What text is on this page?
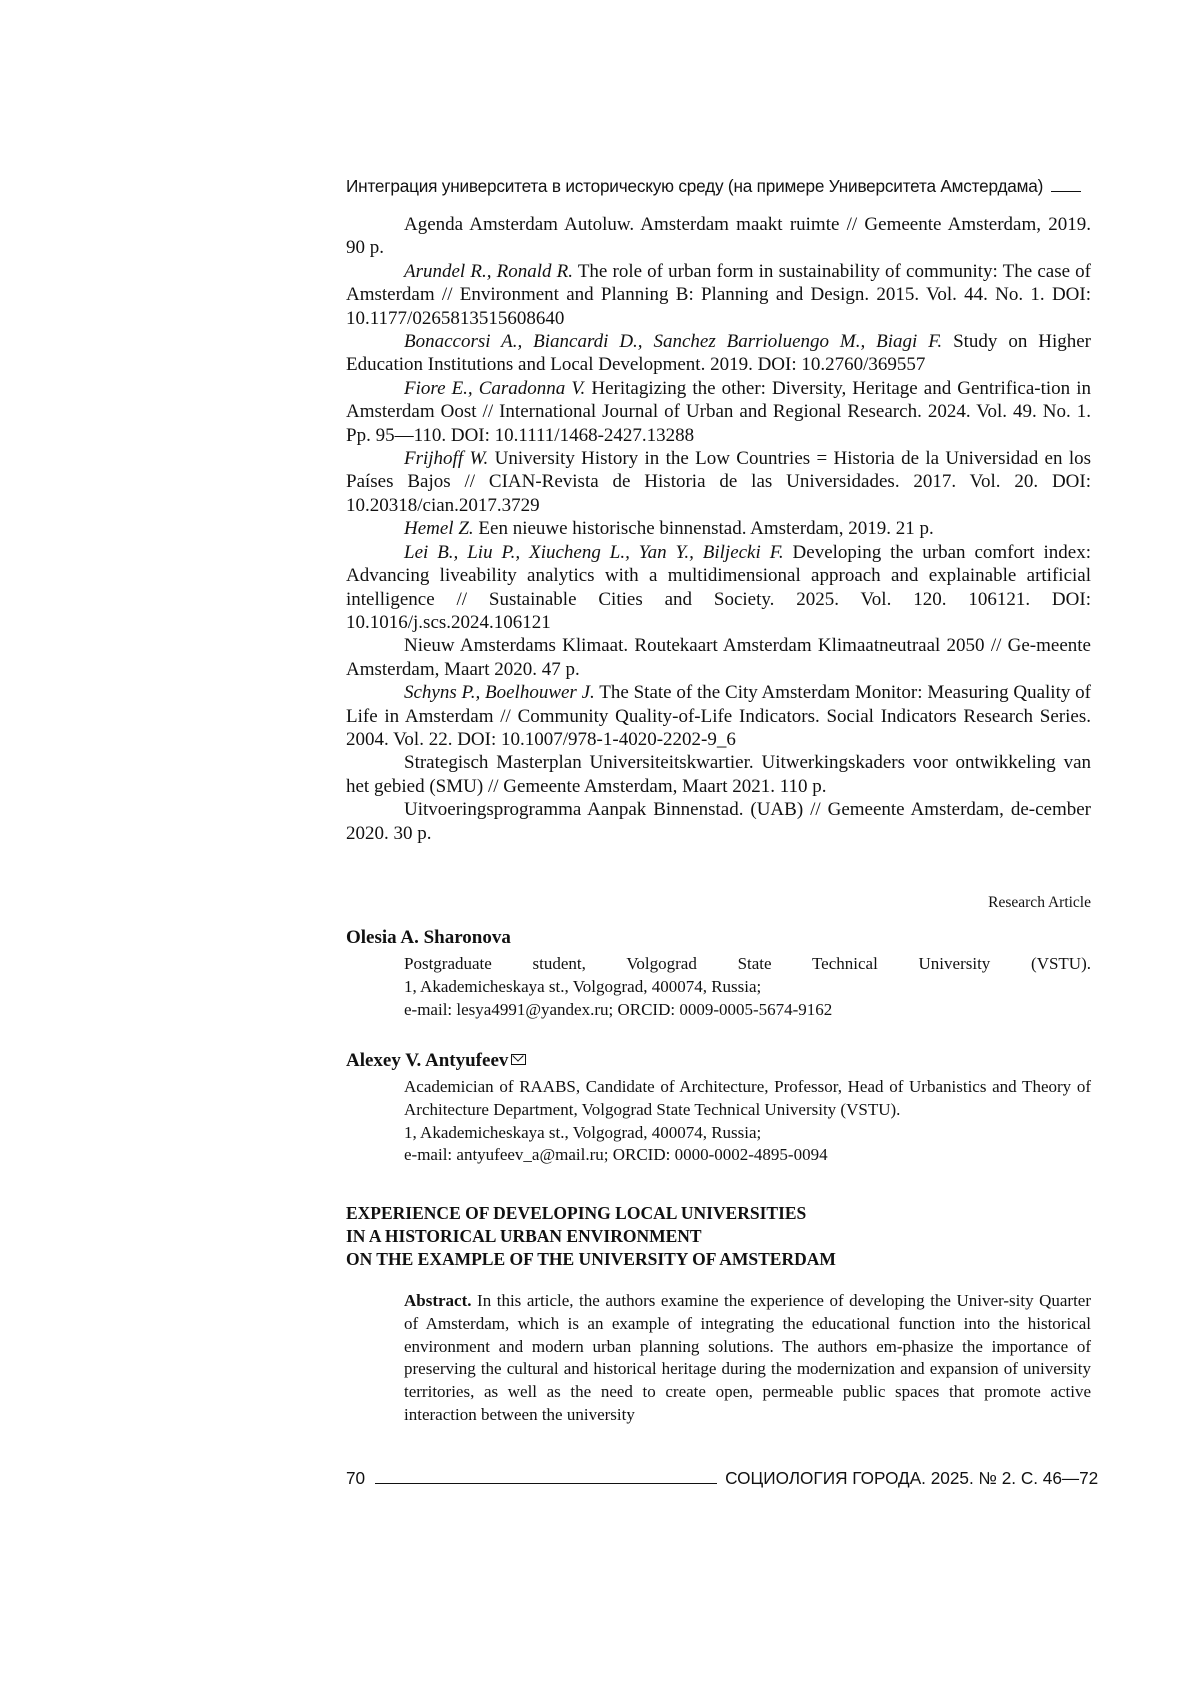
Интеграция университета в историческую среду (на примере Университета Амстердама)

Agenda Amsterdam Autoluw. Amsterdam maakt ruimte // Gemeente Amsterdam, 2019. 90 p.

Arundel R., Ronald R. The role of urban form in sustainability of community: The case of Amsterdam // Environment and Planning B: Planning and Design. 2015. Vol. 44. No. 1. DOI: 10.1177/0265813515608640

Bonaccorsi A., Biancardi D., Sanchez Barrioluengo M., Biagi F. Study on Higher Education Institutions and Local Development. 2019. DOI: 10.2760/369557

Fiore E., Caradonna V. Heritagizing the other: Diversity, Heritage and Gentrifica-tion in Amsterdam Oost // International Journal of Urban and Regional Research. 2024. Vol. 49. No. 1. Pp. 95—110. DOI: 10.1111/1468-2427.13288

Frijhoff W. University History in the Low Countries = Historia de la Universidad en los Países Bajos // CIAN-Revista de Historia de las Universidades. 2017. Vol. 20. DOI: 10.20318/cian.2017.3729

Hemel Z. Een nieuwe historische binnenstad. Amsterdam, 2019. 21 p.

Lei B., Liu P., Xiucheng L., Yan Y., Biljecki F. Developing the urban comfort index: Advancing liveability analytics with a multidimensional approach and explainable artificial intelligence // Sustainable Cities and Society. 2025. Vol. 120. 106121. DOI: 10.1016/j.scs.2024.106121

Nieuw Amsterdams Klimaat. Routekaart Amsterdam Klimaatneutraal 2050 // Ge-meente Amsterdam, Maart 2020. 47 p.

Schyns P., Boelhouwer J. The State of the City Amsterdam Monitor: Measuring Quality of Life in Amsterdam // Community Quality-of-Life Indicators. Social Indicators Research Series. 2004. Vol. 22. DOI: 10.1007/978-1-4020-2202-9_6

Strategisch Masterplan Universiteitskwartier. Uitwerkingskaders voor ontwikkeling van het gebied (SMU) // Gemeente Amsterdam, Maart 2021. 110 p.

Uitvoeringsprogramma Aanpak Binnenstad. (UAB) // Gemeente Amsterdam, de-cember 2020. 30 p.

Research Article

Olesia A. Sharonova

Postgraduate student, Volgograd State Technical University (VSTU).
1, Akademicheskaya st., Volgograd, 400074, Russia;
e-mail: lesya4991@yandex.ru; ORCID: 0009-0005-5674-9162

Alexey V. Antyufeev

Academician of RAABS, Candidate of Architecture, Professor, Head of Urbanistics and Theory of Architecture Department, Volgograd State Technical University (VSTU).
1, Akademicheskaya st., Volgograd, 400074, Russia;
e-mail: antyufeev_a@mail.ru; ORCID: 0000-0002-4895-0094
EXPERIENCE OF DEVELOPING LOCAL UNIVERSITIES
IN A HISTORICAL URBAN ENVIRONMENT
ON THE EXAMPLE OF THE UNIVERSITY OF AMSTERDAM

Abstract. In this article, the authors examine the experience of developing the Univer-sity Quarter of Amsterdam, which is an example of integrating the educational function into the historical environment and modern urban planning solutions. The authors em-phasize the importance of preserving the cultural and historical heritage during the modernization and expansion of university territories, as well as the need to create open, permeable public spaces that promote active interaction between the university

70	СОЦИОЛОГИЯ ГОРОДА. 2025. № 2. С. 46—72
